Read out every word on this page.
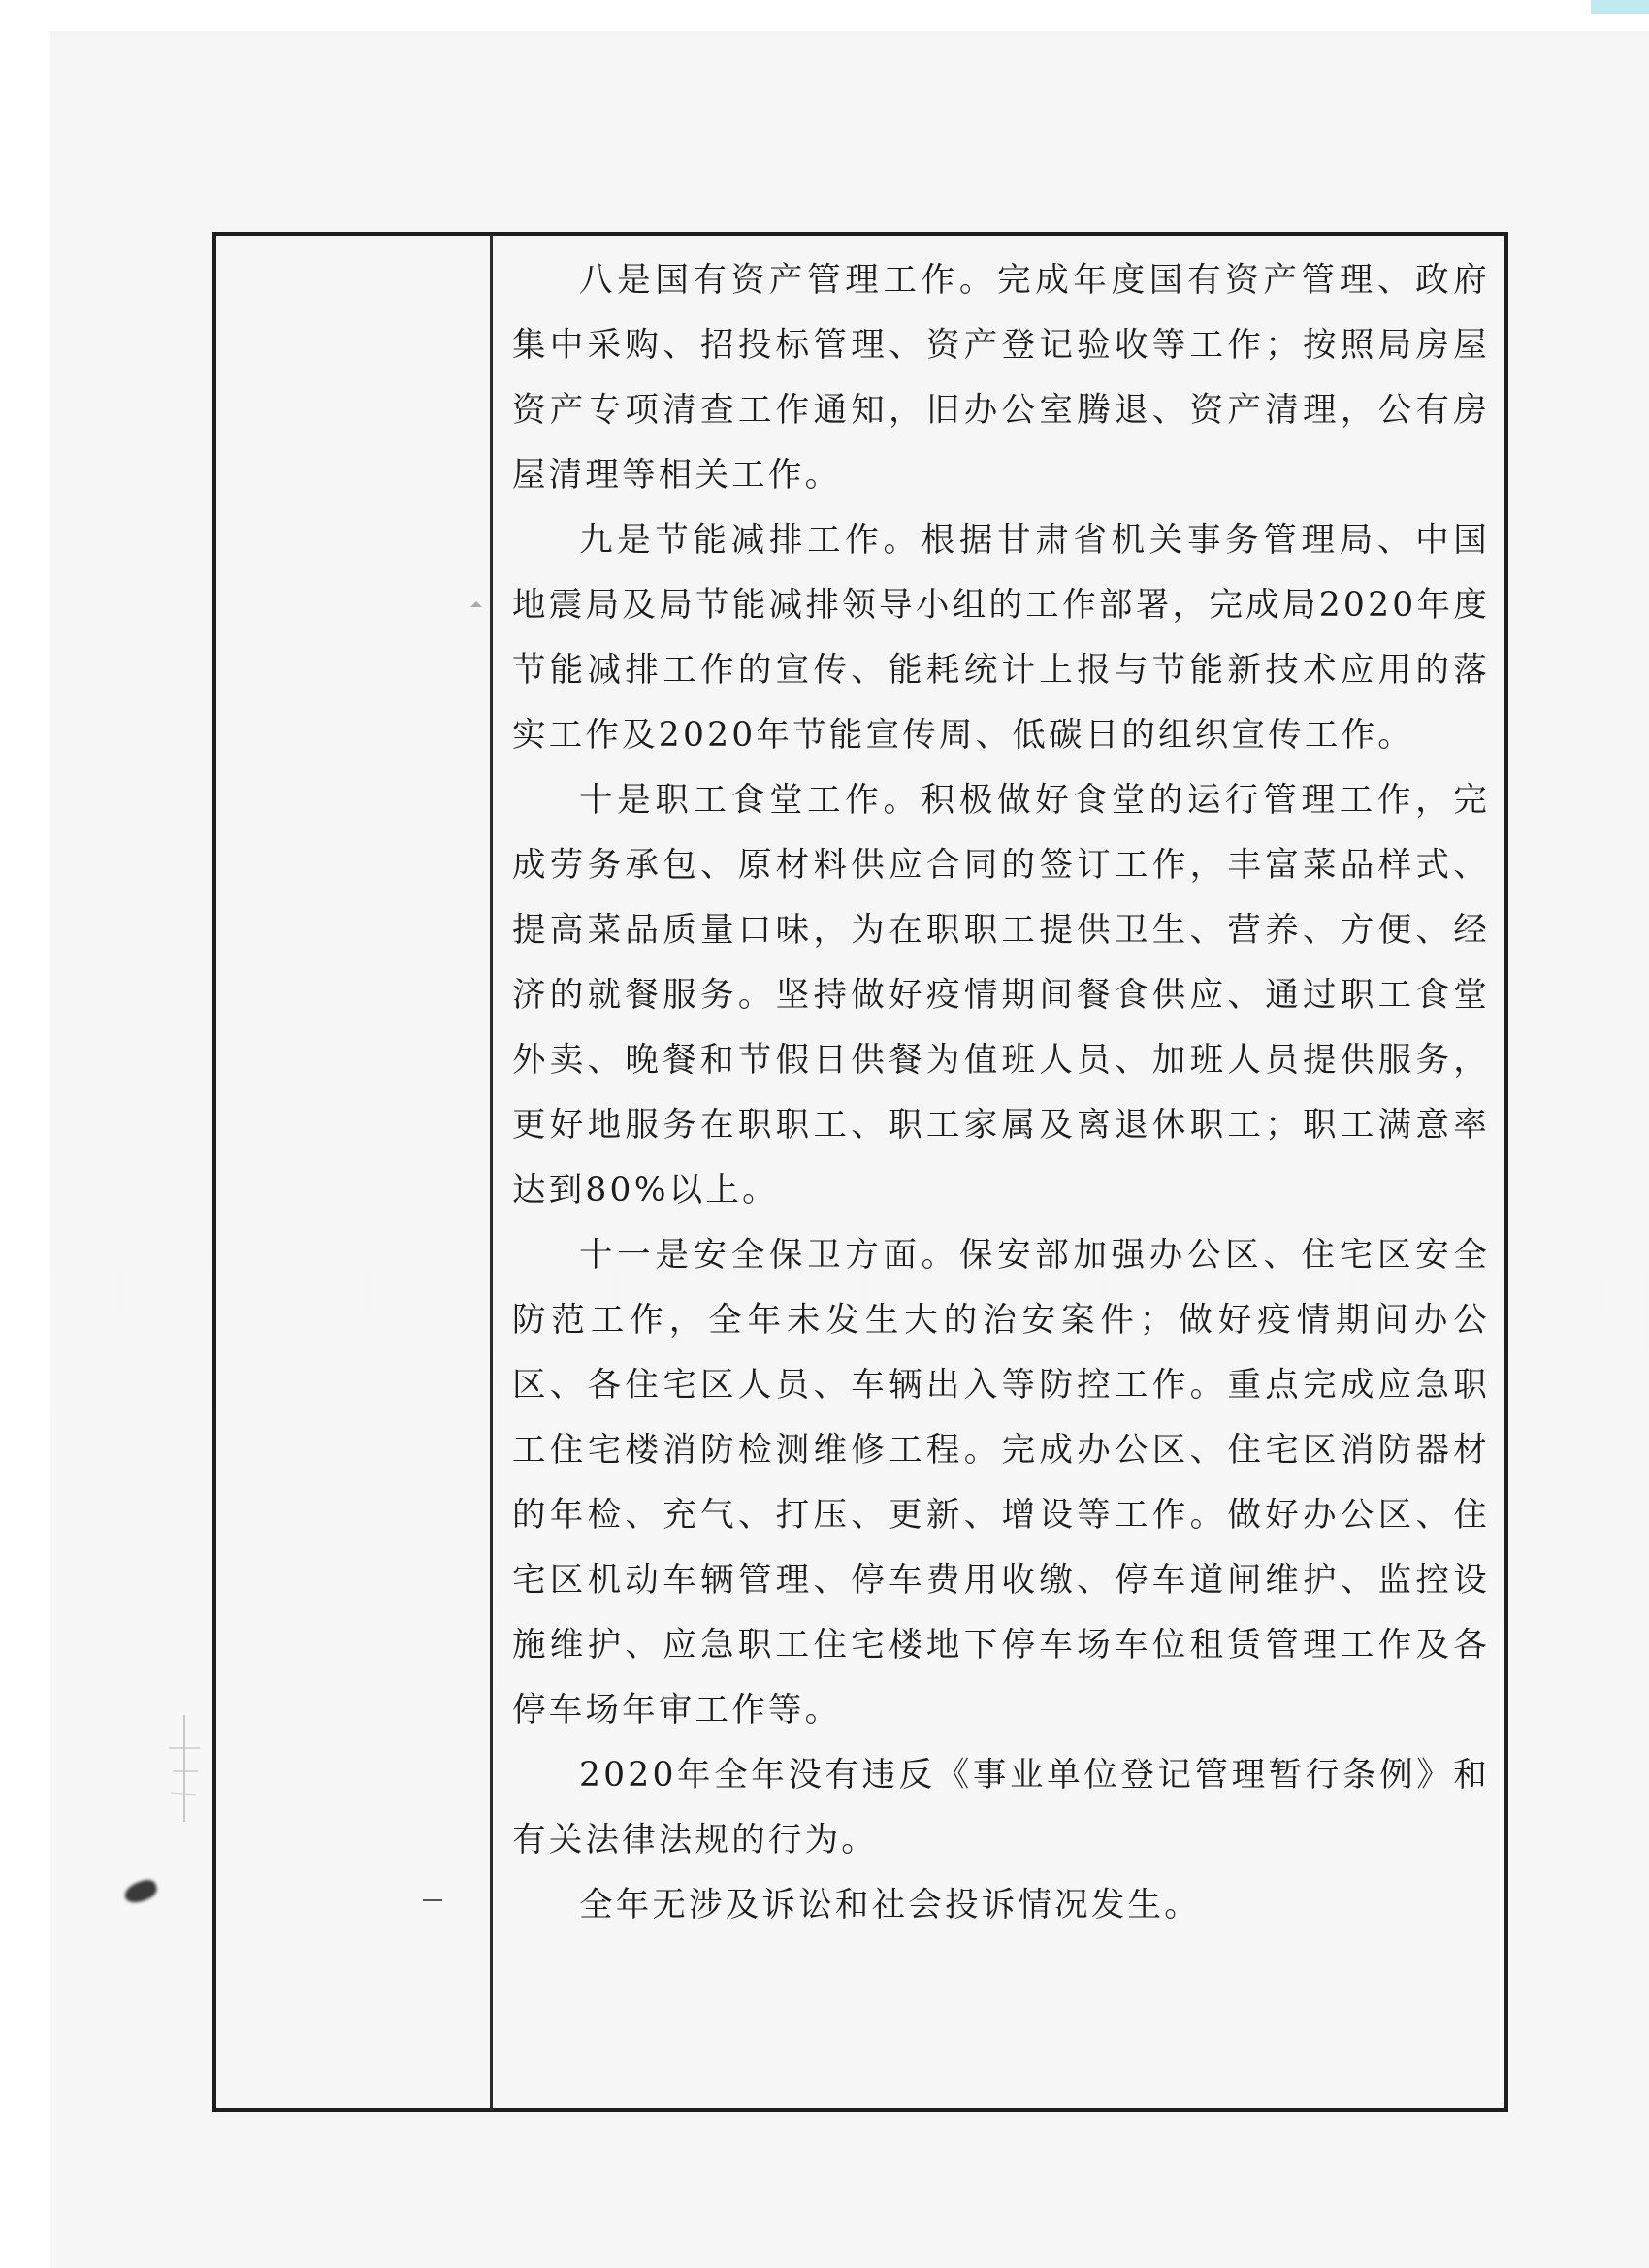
八是国有资产管理工作。完成年度国有资产管理、政府集中采购、招投标管理、资产登记验收等工作；按照局房屋资产专项清查工作通知，旧办公室腾退、资产清理，公有房屋清理等相关工作。

九是节能减排工作。根据甘肃省机关事务管理局、中国地震局及局节能减排领导小组的工作部署，完成局2020年度节能减排工作的宣传、能耗统计上报与节能新技术应用的落实工作及2020年节能宣传周、低碳日的组织宣传工作。

十是职工食堂工作。积极做好食堂的运行管理工作，完成劳务承包、原材料供应合同的签订工作，丰富菜品样式、提高菜品质量口味，为在职职工提供卫生、营养、方便、经济的就餐服务。坚持做好疫情期间餐食供应、通过职工食堂外卖、晚餐和节假日供餐为值班人员、加班人员提供服务，更好地服务在职职工、职工家属及离退休职工；职工满意率达到80%以上。

十一是安全保卫方面。保安部加强办公区、住宅区安全防范工作，全年未发生大的治安案件；做好疫情期间办公区、各住宅区人员、车辆出入等防控工作。重点完成应急职工住宅楼消防检测维修工程。完成办公区、住宅区消防器材的年检、充气、打压、更新、增设等工作。做好办公区、住宅区机动车辆管理、停车费用收缴、停车道闸维护、监控设施维护、应急职工住宅楼地下停车场车位租赁管理工作及各停车场年审工作等。

2020年全年没有违反《事业单位登记管理暂行条例》和有关法律法规的行为。

全年无涉及诉讼和社会投诉情况发生。
